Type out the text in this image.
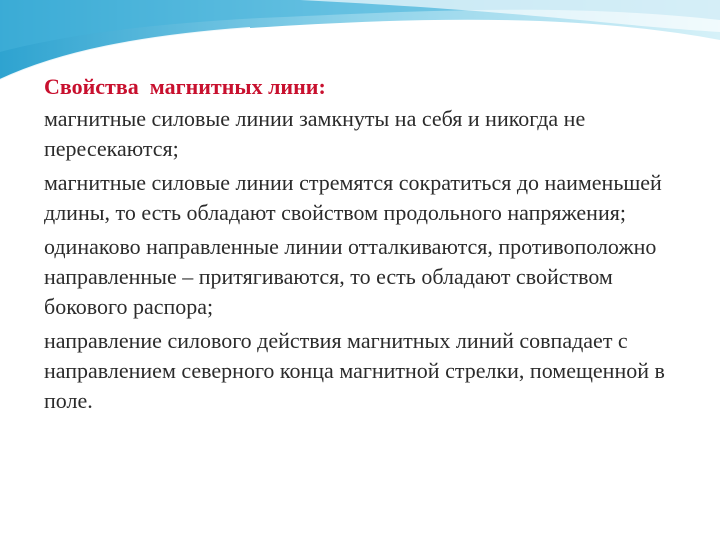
Свойства  магнитных лини:

магнитные силовые линии замкнуты на себя и никогда не пересекаются;

магнитные силовые линии стремятся сократиться до наименьшей длины, то есть обладают свойством продольного напряжения;

одинаково направленные линии отталкиваются, противоположно направленные – притягиваются, то есть обладают свойством бокового распора;

направление силового действия магнитных линий совпадает с направлением северного конца магнитной стрелки, помещенной в поле.
